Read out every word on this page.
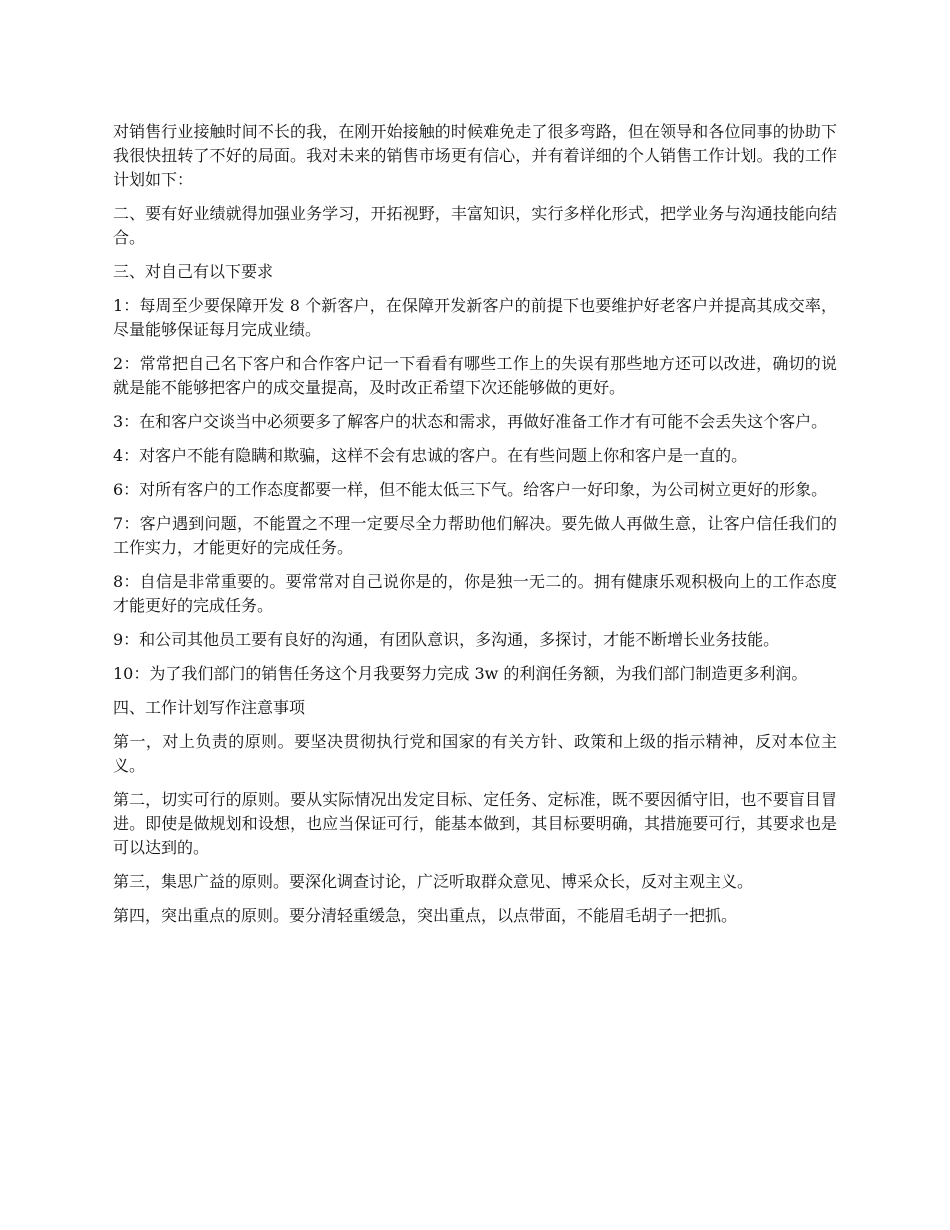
对销售行业接触时间不长的我，在刚开始接触的时候难免走了很多弯路，但在领导和各位同事的协助下我很快扭转了不好的局面。我对未来的销售市场更有信心，并有着详细的个人销售工作计划。我的工作计划如下：

二、要有好业绩就得加强业务学习，开拓视野，丰富知识，实行多样化形式，把学业务与沟通技能向结合。

三、对自己有以下要求

1：每周至少要保障开发 8 个新客户，在保障开发新客户的前提下也要维护好老客户并提高其成交率，尽量能够保证每月完成业绩。

2：常常把自己名下客户和合作客户记一下看看有哪些工作上的失误有那些地方还可以改进，确切的说就是能不能够把客户的成交量提高，及时改正希望下次还能够做的更好。

3：在和客户交谈当中必须要多了解客户的状态和需求，再做好准备工作才有可能不会丢失这个客户。

4：对客户不能有隐瞒和欺骗，这样不会有忠诚的客户。在有些问题上你和客户是一直的。

6：对所有客户的工作态度都要一样，但不能太低三下气。给客户一好印象，为公司树立更好的形象。

7：客户遇到问题，不能置之不理一定要尽全力帮助他们解决。要先做人再做生意，让客户信任我们的工作实力，才能更好的完成任务。

8：自信是非常重要的。要常常对自己说你是的，你是独一无二的。拥有健康乐观积极向上的工作态度才能更好的完成任务。

9：和公司其他员工要有良好的沟通，有团队意识，多沟通，多探讨，才能不断增长业务技能。

10：为了我们部门的销售任务这个月我要努力完成 3w 的利润任务额，为我们部门制造更多利润。

四、工作计划写作注意事项

第一，对上负责的原则。要坚决贯彻执行党和国家的有关方针、政策和上级的指示精神，反对本位主义。

第二，切实可行的原则。要从实际情况出发定目标、定任务、定标准，既不要因循守旧，也不要盲目冒进。即使是做规划和设想，也应当保证可行，能基本做到，其目标要明确，其措施要可行，其要求也是可以达到的。

第三，集思广益的原则。要深化调查讨论，广泛听取群众意见、博采众长，反对主观主义。

第四，突出重点的原则。要分清轻重缓急，突出重点，以点带面，不能眉毛胡子一把抓。
